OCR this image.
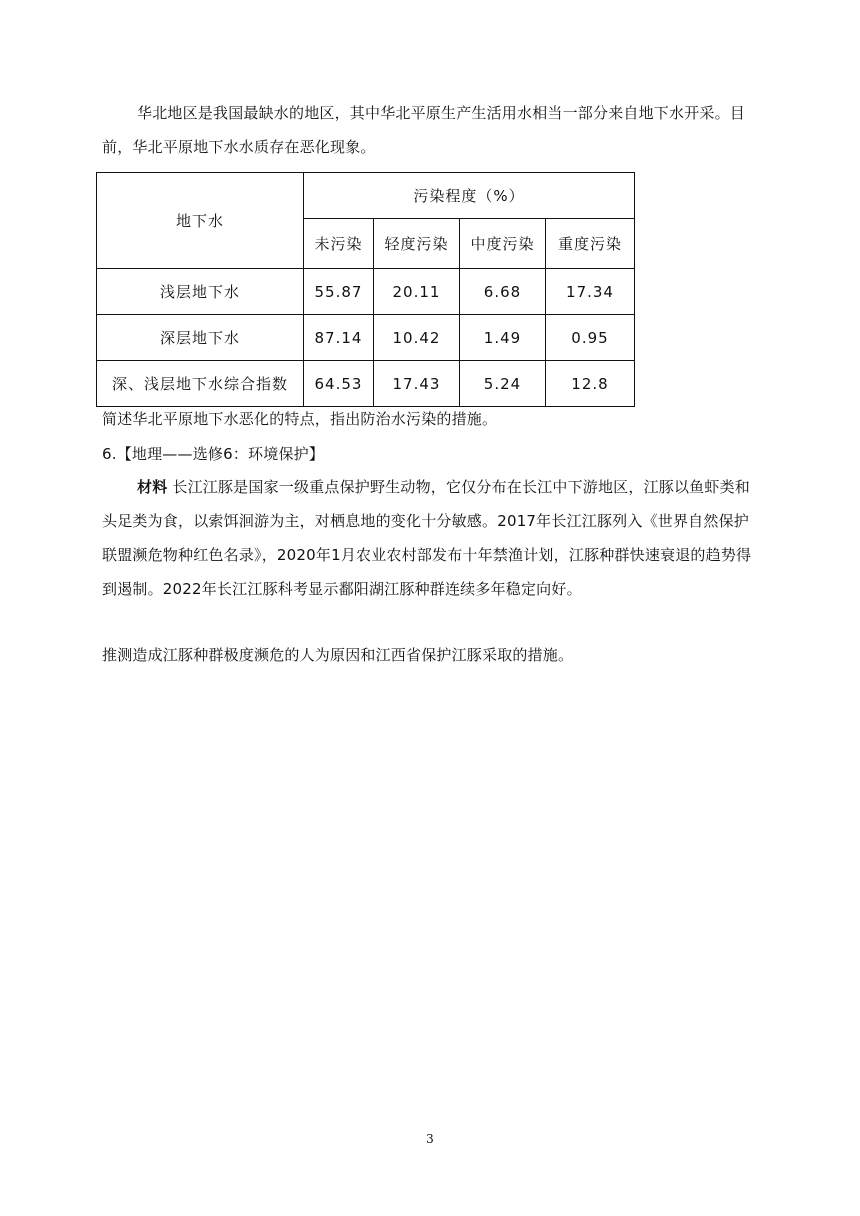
华北地区是我国最缺水的地区，其中华北平原生产生活用水相当一部分来自地下水开采。目前，华北平原地下水水质存在恶化现象。

地下水	污染程度（%）			
	未污染	轻度污染	中度污染	重度污染
浅层地下水	55.87	20.11	6.68	17.34
深层地下水	87.14	10.42	1.49	0.95
深、浅层地下水综合指数	64.53	17.43	5.24	12.8

简述华北平原地下水恶化的特点，指出防治水污染的措施。

6.【地理——选修6：环境保护】

材料 长江江豚是国家一级重点保护野生动物，它仅分布在长江中下游地区，江豚以鱼虾类和头足类为食，以索饵洄游为主，对栖息地的变化十分敏感。2017年长江江豚列入《世界自然保护联盟濒危物种红色名录》，2020年1月农业农村部发布十年禁渔计划，江豚种群快速衰退的趋势得到遏制。2022年长江江豚科考显示鄱阳湖江豚种群连续多年稳定向好。

推测造成江豚种群极度濒危的人为原因和江西省保护江豚采取的措施。

3
